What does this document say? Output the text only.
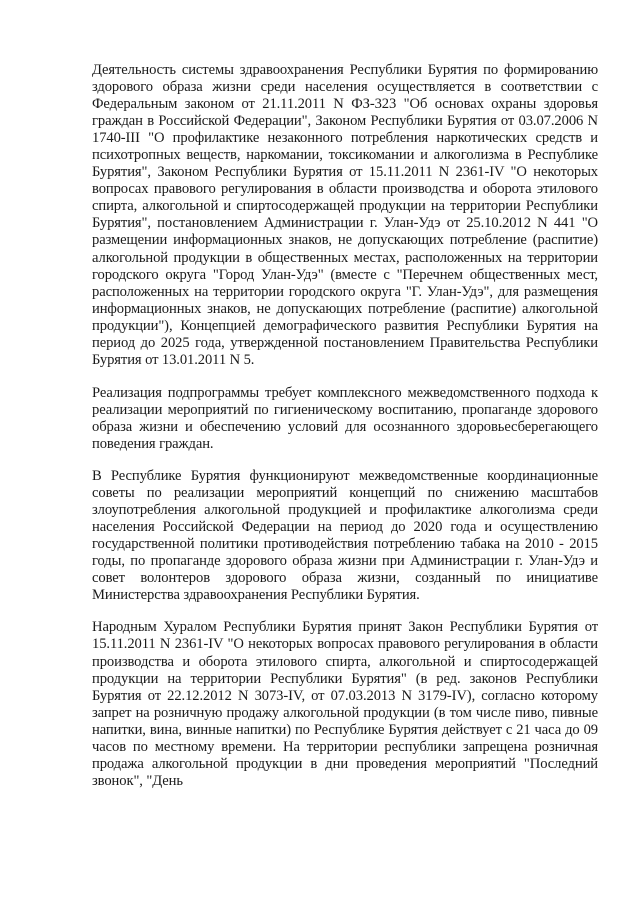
Деятельность системы здравоохранения Республики Бурятия по формированию здорового образа жизни среди населения осуществляется в соответствии с Федеральным законом от 21.11.2011 N ФЗ-323 "Об основах охраны здоровья граждан в Российской Федерации", Законом Республики Бурятия от 03.07.2006 N 1740-III "О профилактике незаконного потребления наркотических средств и психотропных веществ, наркомании, токсикомании и алкоголизма в Республике Бурятия", Законом Республики Бурятия от 15.11.2011 N 2361-IV "О некоторых вопросах правового регулирования в области производства и оборота этилового спирта, алкогольной и спиртосодержащей продукции на территории Республики Бурятия", постановлением Администрации г. Улан-Удэ от 25.10.2012 N 441 "О размещении информационных знаков, не допускающих потребление (распитие) алкогольной продукции в общественных местах, расположенных на территории городского округа "Город Улан-Удэ" (вместе с "Перечнем общественных мест, расположенных на территории городского округа "Г. Улан-Удэ", для размещения информационных знаков, не допускающих потребление (распитие) алкогольной продукции"), Концепцией демографического развития Республики Бурятия на период до 2025 года, утвержденной постановлением Правительства Республики Бурятия от 13.01.2011 N 5.

Реализация подпрограммы требует комплексного межведомственного подхода к реализации мероприятий по гигиеническому воспитанию, пропаганде здорового образа жизни и обеспечению условий для осознанного здоровьесберегающего поведения граждан.

В Республике Бурятия функционируют межведомственные координационные советы по реализации мероприятий концепций по снижению масштабов злоупотребления алкогольной продукцией и профилактике алкоголизма среди населения Российской Федерации на период до 2020 года и осуществлению государственной политики противодействия потреблению табака на 2010 - 2015 годы, по пропаганде здорового образа жизни при Администрации г. Улан-Удэ и совет волонтеров здорового образа жизни, созданный по инициативе Министерства здравоохранения Республики Бурятия.

Народным Хуралом Республики Бурятия принят Закон Республики Бурятия от 15.11.2011 N 2361-IV "О некоторых вопросах правового регулирования в области производства и оборота этилового спирта, алкогольной и спиртосодержащей продукции на территории Республики Бурятия" (в ред. законов Республики Бурятия от 22.12.2012 N 3073-IV, от 07.03.2013 N 3179-IV), согласно которому запрет на розничную продажу алкогольной продукции (в том числе пиво, пивные напитки, вина, винные напитки) по Республике Бурятия действует с 21 часа до 09 часов по местному времени. На территории республики запрещена розничная продажа алкогольной продукции в дни проведения мероприятий "Последний звонок", "День
